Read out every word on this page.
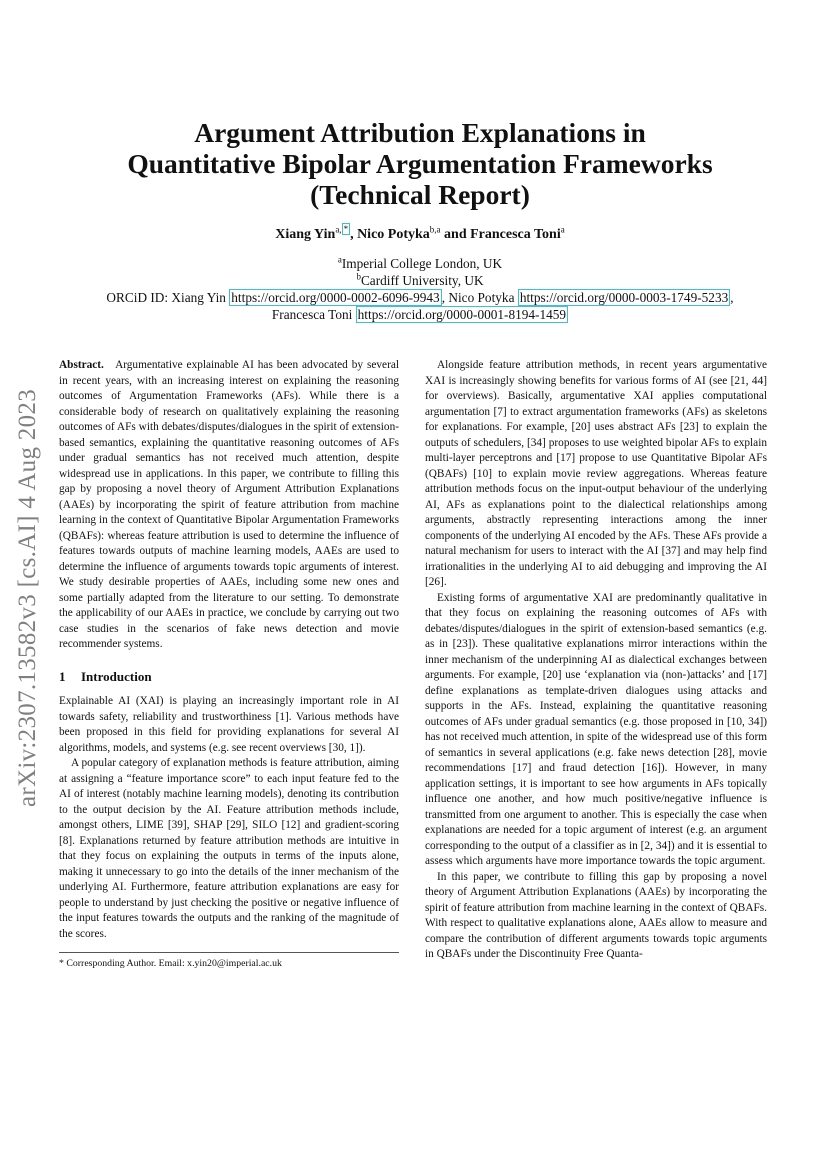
arXiv:2307.13582v3 [cs.AI] 4 Aug 2023
Argument Attribution Explanations in
Quantitative Bipolar Argumentation Frameworks
(Technical Report)
Xiang Yin$^{a, *}$ , Nico Potyka$^{b,a}$ and Francesca Toni$^a$
$^a$Imperial College London, UK
$^b$Cardiff University, UK
ORCiD ID: Xiang Yin https://orcid.org/0000-0002-6096-9943 , Nico Potyka https://orcid.org/0000-0003-1749-5233 ,
Francesca Toni https://orcid.org/0000-0001-8194-1459

Abstract. Argumentative explainable AI has been advocated by several in recent years, with an increasing interest on explaining the reasoning outcomes of Argumentation Frameworks (AFs). While there is a considerable body of research on qualitatively explaining the reasoning outcomes of AFs with debates/disputes/dialogues in the spirit of extension-based semantics, explaining the quantitative reasoning outcomes of AFs under gradual semantics has not received much attention, despite widespread use in applications. In this paper, we contribute to filling this gap by proposing a novel theory of Argument Attribution Explanations (AAEs) by incorporating the spirit of feature attribution from machine learning in the context of Quantitative Bipolar Argumentation Frameworks (QBAFs): whereas feature attribution is used to determine the influence of features towards outputs of machine learning models, AAEs are used to determine the influence of arguments towards topic arguments of interest. We study desirable properties of AAEs, including some new ones and some partially adapted from the literature to our setting. To demonstrate the applicability of our AAEs in practice, we conclude by carrying out two case studies in the scenarios of fake news detection and movie recommender systems.

1 Introduction

Explainable AI (XAI) is playing an increasingly important role in AI towards safety, reliability and trustworthiness [1]. Various methods have been proposed in this field for providing explanations for several AI algorithms, models, and systems (e.g. see recent overviews [30, 1]).

A popular category of explanation methods is feature attribution, aiming at assigning a “feature importance score” to each input feature fed to the AI of interest (notably machine learning models), denoting its contribution to the output decision by the AI. Feature attribution methods include, amongst others, LIME [39], SHAP [29], SILO [12] and gradient-scoring [8]. Explanations returned by feature attribution methods are intuitive in that they focus on explaining the outputs in terms of the inputs alone, making it unnecessary to go into the details of the inner mechanism of the underlying AI. Furthermore, feature attribution explanations are easy for people to understand by just checking the positive or negative influence of the input features towards the outputs and the ranking of the magnitude of the scores.

* Corresponding Author. Email: x.yin20@imperial.ac.uk

Alongside feature attribution methods, in recent years argumentative XAI is increasingly showing benefits for various forms of AI (see [21, 44] for overviews). Basically, argumentative XAI applies computational argumentation [7] to extract argumentation frameworks (AFs) as skeletons for explanations. For example, [20] uses abstract AFs [23] to explain the outputs of schedulers, [34] proposes to use weighted bipolar AFs to explain multi-layer perceptrons and [17] propose to use Quantitative Bipolar AFs (QBAFs) [10] to explain movie review aggregations. Whereas feature attribution methods focus on the input-output behaviour of the underlying AI, AFs as explanations point to the dialectical relationships among arguments, abstractly representing interactions among the inner components of the underlying AI encoded by the AFs. These AFs provide a natural mechanism for users to interact with the AI [37] and may help find irrationalities in the underlying AI to aid debugging and improving the AI [26].

Existing forms of argumentative XAI are predominantly qualitative in that they focus on explaining the reasoning outcomes of AFs with debates/disputes/dialogues in the spirit of extension-based semantics (e.g. as in [23]). These qualitative explanations mirror interactions within the inner mechanism of the underpinning AI as dialectical exchanges between arguments. For example, [20] use ‘explanation via (non-)attacks’ and [17] define explanations as template-driven dialogues using attacks and supports in the AFs. Instead, explaining the quantitative reasoning outcomes of AFs under gradual semantics (e.g. those proposed in [10, 34]) has not received much attention, in spite of the widespread use of this form of semantics in several applications (e.g. fake news detection [28], movie recommendations [17] and fraud detection [16]). However, in many application settings, it is important to see how arguments in AFs topically influence one another, and how much positive/negative influence is transmitted from one argument to another. This is especially the case when explanations are needed for a topic argument of interest (e.g. an argument corresponding to the output of a classifier as in [2, 34]) and it is essential to assess which arguments have more importance towards the topic argument.

In this paper, we contribute to filling this gap by proposing a novel theory of Argument Attribution Explanations (AAEs) by incorporating the spirit of feature attribution from machine learning in the context of QBAFs. With respect to qualitative explanations alone, AAEs allow to measure and compare the contribution of different arguments towards topic arguments in QBAFs under the Discontinuity Free Quanta-
